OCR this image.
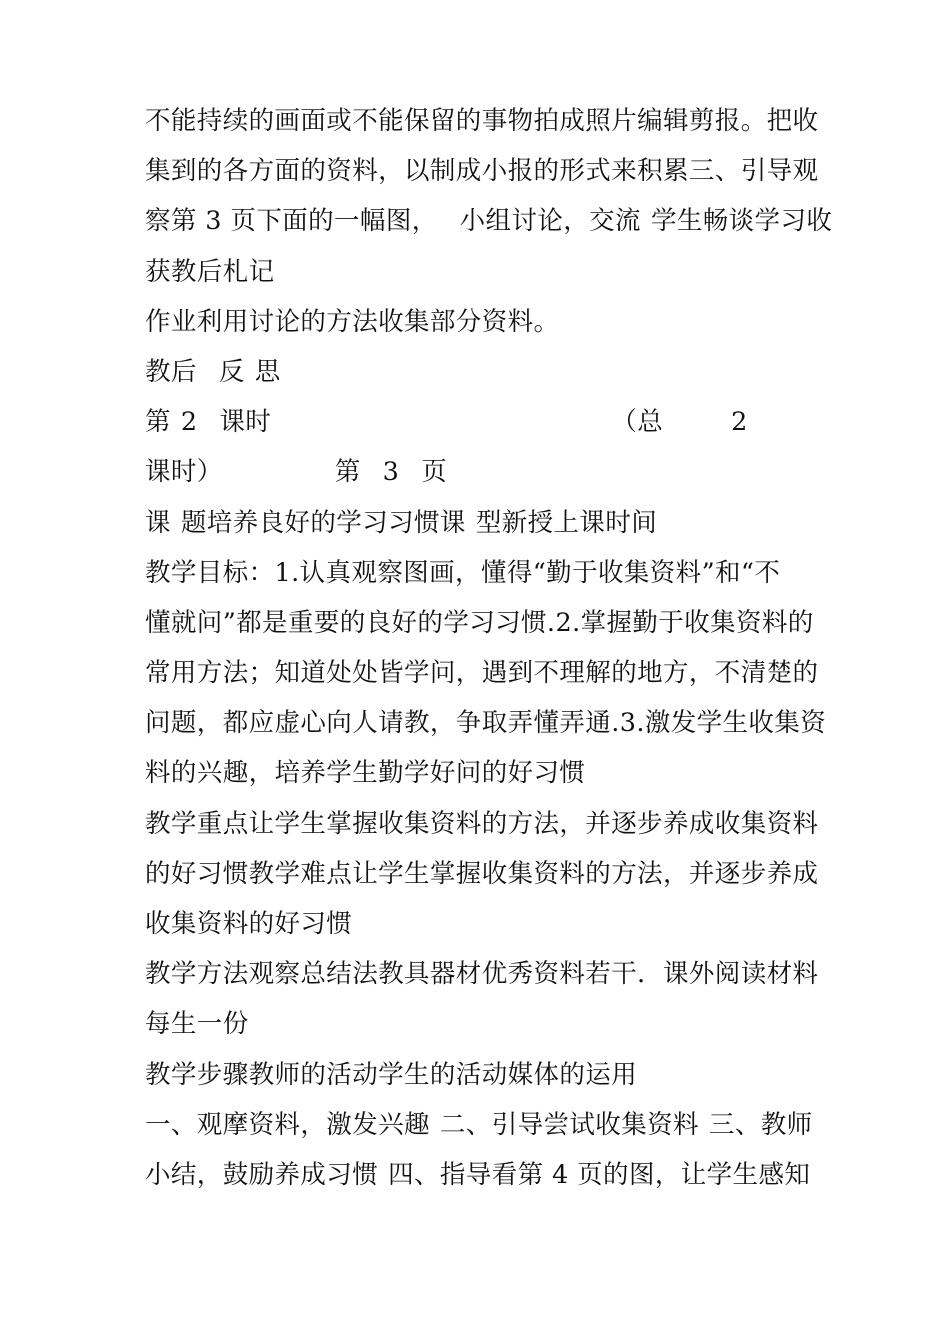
不能持续的画面或不能保留的事物拍成照片编辑剪报。把收
集到的各方面的资料，以制成小报的形式来积累三、引导观
察第 3 页下面的一幅图， 小组讨论，交流 学生畅谈学习收
获教后札记
作业利用讨论的方法收集部分资料。
教后 反 思
第 2 课时	（总	2
课时）	第 3 页
课 题培养良好的学习习惯课 型新授上课时间
教学目标：1.认真观察图画，懂得“勤于收集资料”和“不
懂就问”都是重要的良好的学习习惯.2.掌握勤于收集资料的
常用方法；知道处处皆学问，遇到不理解的地方，不清楚的
问题，都应虚心向人请教，争取弄懂弄通.3.激发学生收集资
料的兴趣，培养学生勤学好问的好习惯
教学重点让学生掌握收集资料的方法，并逐步养成收集资料
的好习惯教学难点让学生掌握收集资料的方法，并逐步养成
收集资料的好习惯
教学方法观察总结法教具器材优秀资料若干．课外阅读材料
每生一份
教学步骤教师的活动学生的活动媒体的运用
一、观摩资料，激发兴趣 二、引导尝试收集资料 三、教师
小结，鼓励养成习惯 四、指导看第 4 页的图，让学生感知
